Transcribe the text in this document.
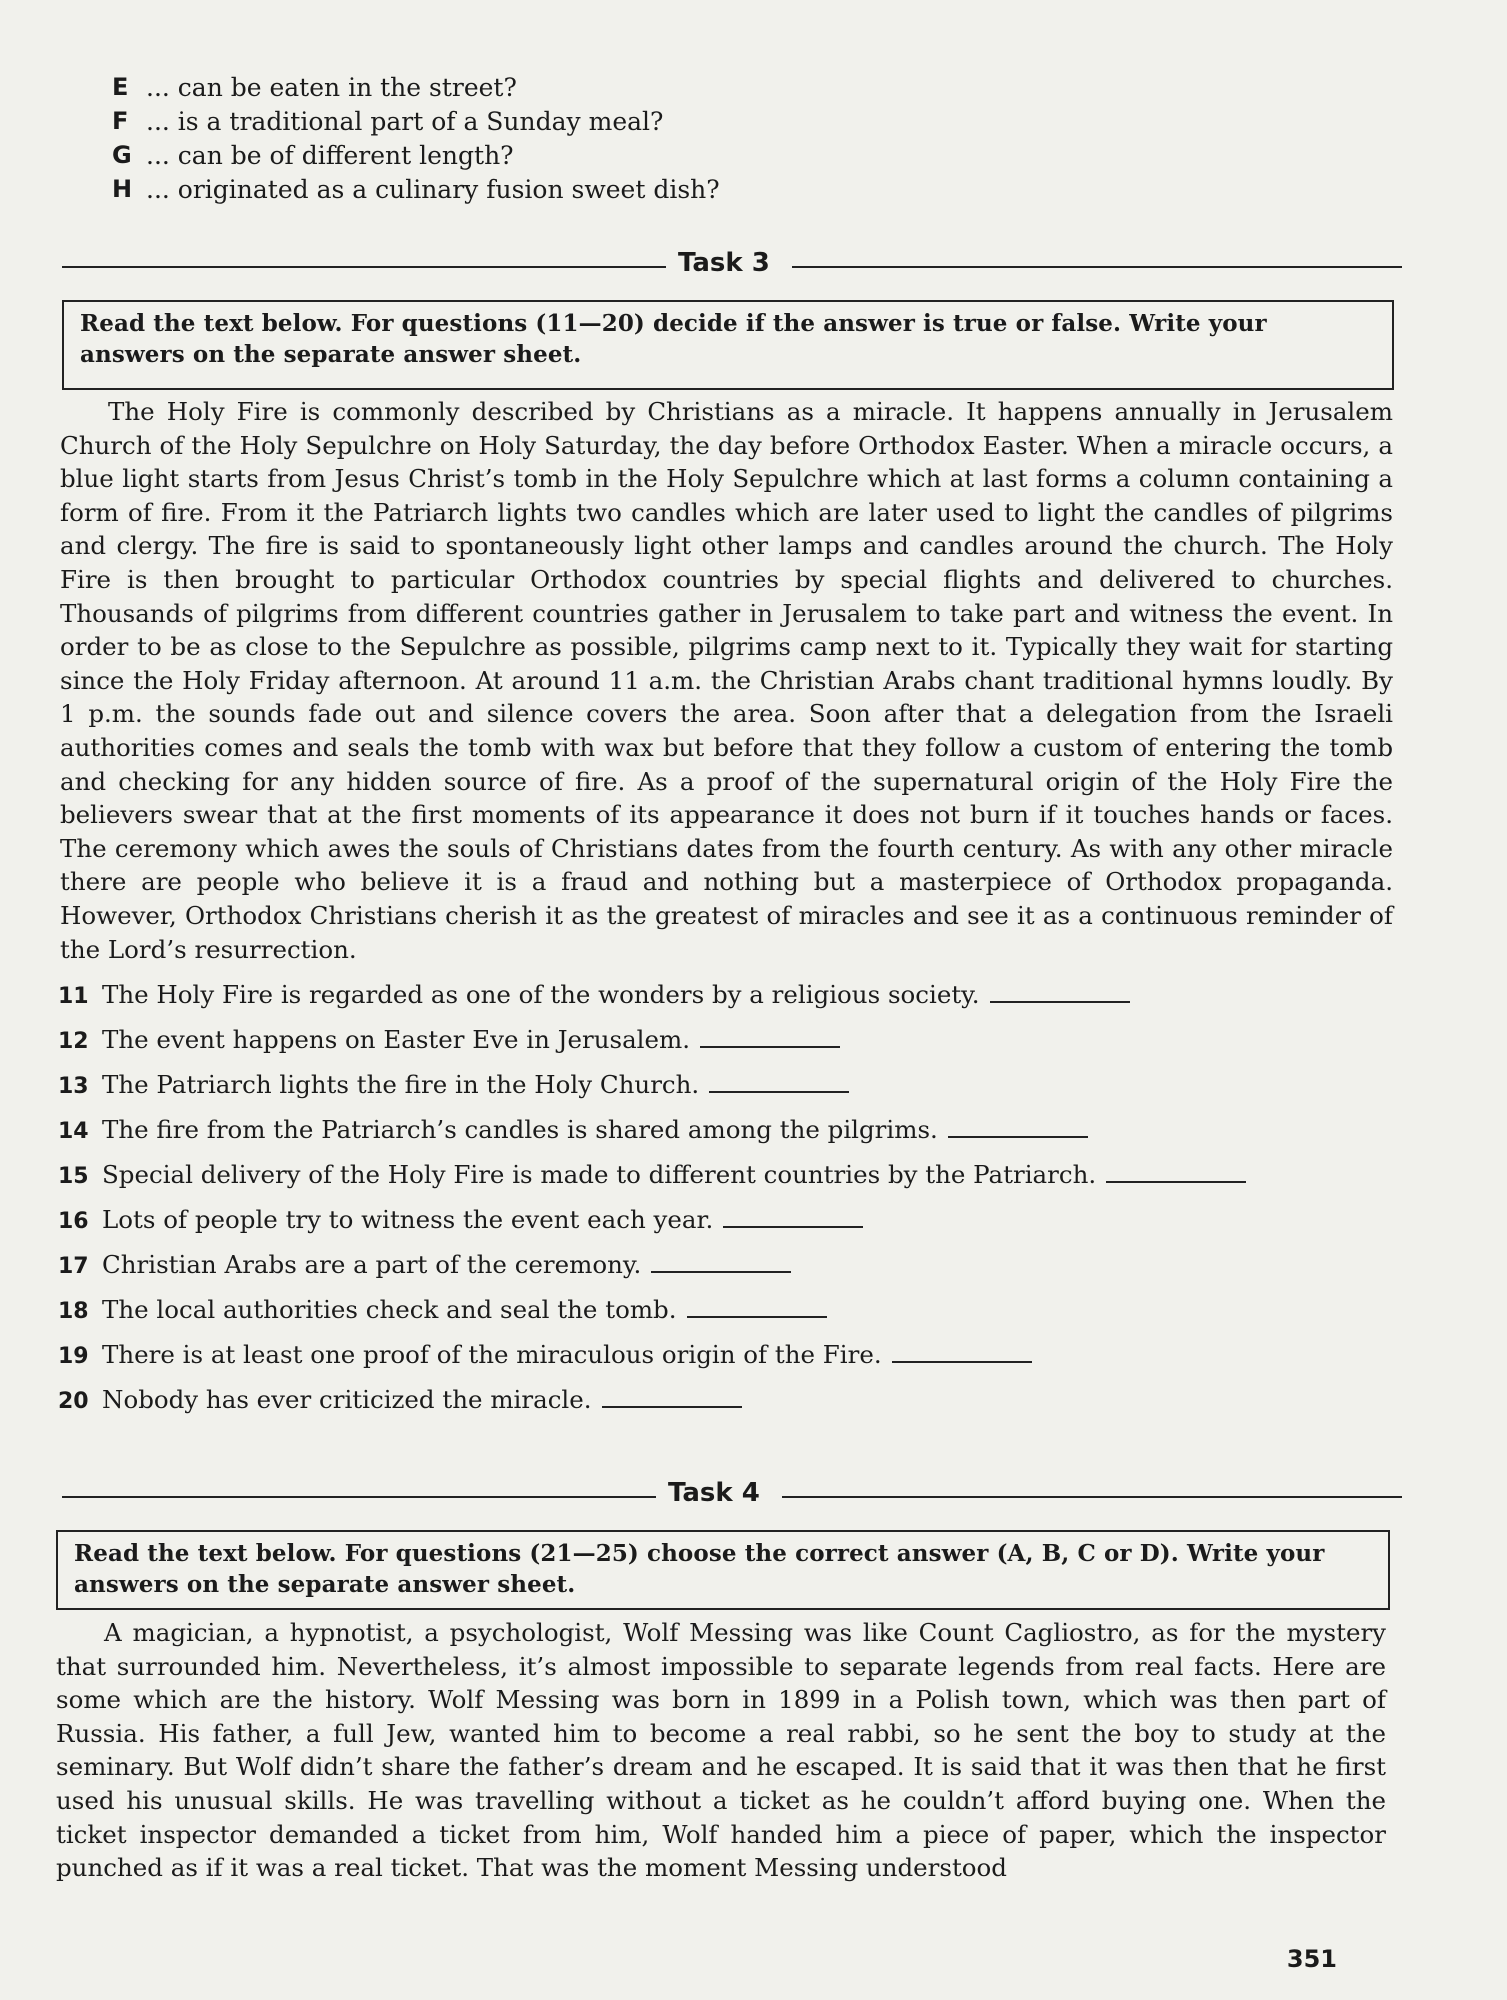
E ... can be eaten in the street?
F ... is a traditional part of a Sunday meal?
G ... can be of different length?
H ... originated as a culinary fusion sweet dish?
Task 3
Read the text below. For questions (11—20) decide if the answer is true or false. Write your answers on the separate answer sheet.
The Holy Fire is commonly described by Christians as a miracle. It happens annually in Jerusalem Church of the Holy Sepulchre on Holy Saturday, the day before Orthodox Easter. When a miracle occurs, a blue light starts from Jesus Christ’s tomb in the Holy Sepulchre which at last forms a column containing a form of fire. From it the Patriarch lights two candles which are later used to light the candles of pilgrims and clergy. The fire is said to spontaneously light other lamps and candles around the church. The Holy Fire is then brought to particular Orthodox countries by special flights and delivered to churches. Thousands of pilgrims from different countries gather in Jerusalem to take part and witness the event. In order to be as close to the Sepulchre as possible, pilgrims camp next to it. Typically they wait for starting since the Holy Friday afternoon. At around 11 a.m. the Christian Arabs chant traditional hymns loudly. By 1 p.m. the sounds fade out and silence covers the area. Soon after that a delegation from the Israeli authorities comes and seals the tomb with wax but before that they follow a custom of entering the tomb and checking for any hidden source of fire. As a proof of the supernatural origin of the Holy Fire the believers swear that at the first moments of its appearance it does not burn if it touches hands or faces. The ceremony which awes the souls of Christians dates from the fourth century. As with any other miracle there are people who believe it is a fraud and nothing but a masterpiece of Orthodox propaganda. However, Orthodox Christians cherish it as the greatest of miracles and see it as a continuous reminder of the Lord’s resurrection.
11 The Holy Fire is regarded as one of the wonders by a religious society.
12 The event happens on Easter Eve in Jerusalem.
13 The Patriarch lights the fire in the Holy Church.
14 The fire from the Patriarch’s candles is shared among the pilgrims.
15 Special delivery of the Holy Fire is made to different countries by the Patriarch.
16 Lots of people try to witness the event each year.
17 Christian Arabs are a part of the ceremony.
18 The local authorities check and seal the tomb.
19 There is at least one proof of the miraculous origin of the Fire.
20 Nobody has ever criticized the miracle.
Task 4
Read the text below. For questions (21—25) choose the correct answer (A, B, C or D). Write your answers on the separate answer sheet.
A magician, a hypnotist, a psychologist, Wolf Messing was like Count Cagliostro, as for the mystery that surrounded him. Nevertheless, it’s almost impossible to separate legends from real facts. Here are some which are the history. Wolf Messing was born in 1899 in a Polish town, which was then part of Russia. His father, a full Jew, wanted him to become a real rabbi, so he sent the boy to study at the seminary. But Wolf didn’t share the father’s dream and he escaped. It is said that it was then that he first used his unusual skills. He was travelling without a ticket as he couldn’t afford buying one. When the ticket inspector demanded a ticket from him, Wolf handed him a piece of paper, which the inspector punched as if it was a real ticket. That was the moment Messing understood
351
